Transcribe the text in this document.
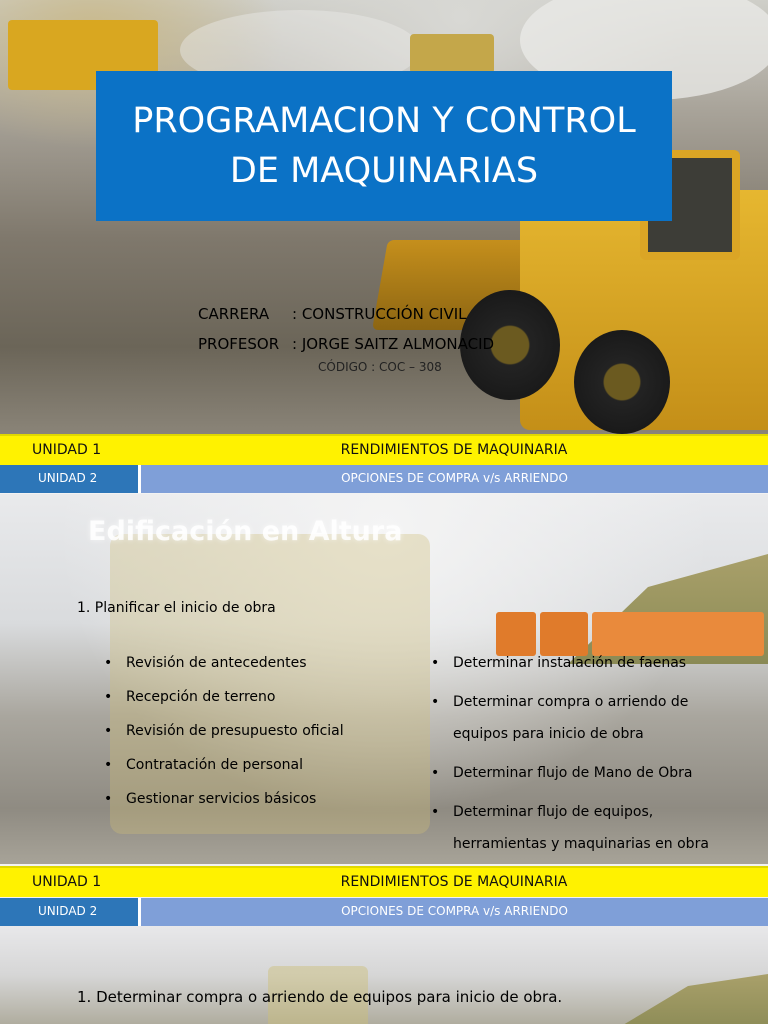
PROGRAMACION Y CONTROL
DE MAQUINARIAS
CARRERA : CONSTRUCCIÓN CIVIL
PROFESOR : JORGE SAITZ ALMONACID
CÓDIGO : COC – 308
UNIDAD 1	RENDIMIENTOS DE MAQUINARIA
UNIDAD 2	OPCIONES DE COMPRA v/s ARRIENDO
Edificación en Altura
1. Planificar el inicio de obra
• Revisión de antecedentes
• Recepción de terreno
• Revisión de presupuesto oficial
• Contratación de personal
• Gestionar servicios básicos
• Determinar instalación de faenas
• Determinar compra o arriendo de equipos para inicio de obra
• Determinar flujo de Mano de Obra
• Determinar flujo de equipos, herramientas y maquinarias en obra
UNIDAD 1	RENDIMIENTOS DE MAQUINARIA
UNIDAD 2	OPCIONES DE COMPRA v/s ARRIENDO
1. Determinar compra o arriendo de equipos para inicio de obra.
